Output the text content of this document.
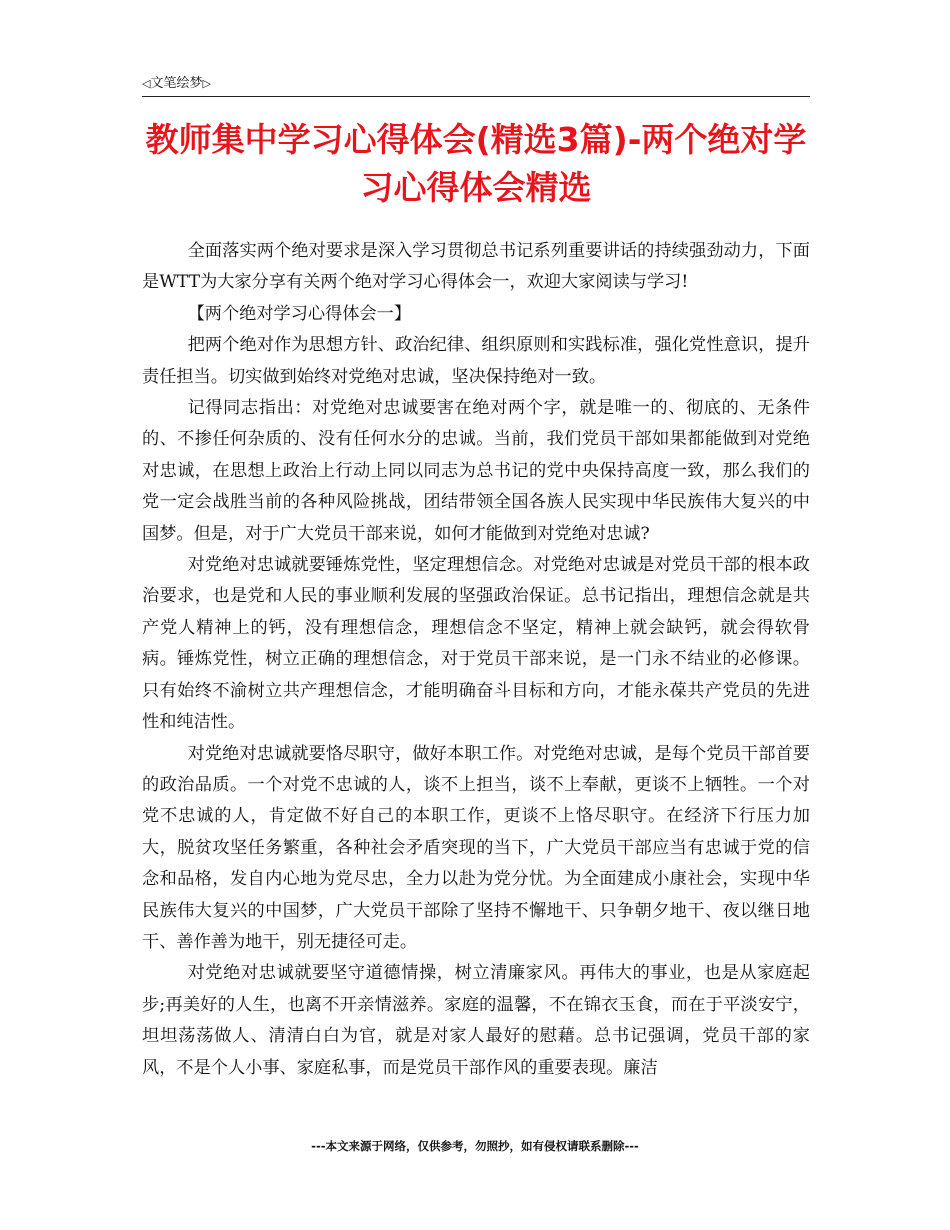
◁文笔绘梦▷
教师集中学习心得体会(精选3篇)-两个绝对学习心得体会精选

全面落实两个绝对要求是深入学习贯彻总书记系列重要讲话的持续强劲动力，下面是WTT为大家分享有关两个绝对学习心得体会一，欢迎大家阅读与学习!

【两个绝对学习心得体会一】

把两个绝对作为思想方针、政治纪律、组织原则和实践标准，强化党性意识，提升责任担当。切实做到始终对党绝对忠诚，坚决保持绝对一致。

记得同志指出：对党绝对忠诚要害在绝对两个字，就是唯一的、彻底的、无条件的、不掺任何杂质的、没有任何水分的忠诚。当前，我们党员干部如果都能做到对党绝对忠诚，在思想上政治上行动上同以同志为总书记的党中央保持高度一致，那么我们的党一定会战胜当前的各种风险挑战，团结带领全国各族人民实现中华民族伟大复兴的中国梦。但是，对于广大党员干部来说，如何才能做到对党绝对忠诚?

对党绝对忠诚就要锤炼党性，坚定理想信念。对党绝对忠诚是对党员干部的根本政治要求，也是党和人民的事业顺利发展的坚强政治保证。总书记指出，理想信念就是共产党人精神上的钙，没有理想信念，理想信念不坚定，精神上就会缺钙，就会得软骨病。锤炼党性，树立正确的理想信念，对于党员干部来说，是一门永不结业的必修课。只有始终不渝树立共产理想信念，才能明确奋斗目标和方向，才能永葆共产党员的先进性和纯洁性。

对党绝对忠诚就要恪尽职守，做好本职工作。对党绝对忠诚，是每个党员干部首要的政治品质。一个对党不忠诚的人，谈不上担当，谈不上奉献，更谈不上牺牲。一个对党不忠诚的人，肯定做不好自己的本职工作，更谈不上恪尽职守。在经济下行压力加大，脱贫攻坚任务繁重，各种社会矛盾突现的当下，广大党员干部应当有忠诚于党的信念和品格，发自内心地为党尽忠，全力以赴为党分忧。为全面建成小康社会，实现中华民族伟大复兴的中国梦，广大党员干部除了坚持不懈地干、只争朝夕地干、夜以继日地干、善作善为地干，别无捷径可走。

对党绝对忠诚就要坚守道德情操，树立清廉家风。再伟大的事业，也是从家庭起步;再美好的人生，也离不开亲情滋养。家庭的温馨，不在锦衣玉食，而在于平淡安宁，坦坦荡荡做人、清清白白为官，就是对家人最好的慰藉。总书记强调，党员干部的家风，不是个人小事、家庭私事，而是党员干部作风的重要表现。廉洁

---本文来源于网络，仅供参考，勿照抄，如有侵权请联系删除---
